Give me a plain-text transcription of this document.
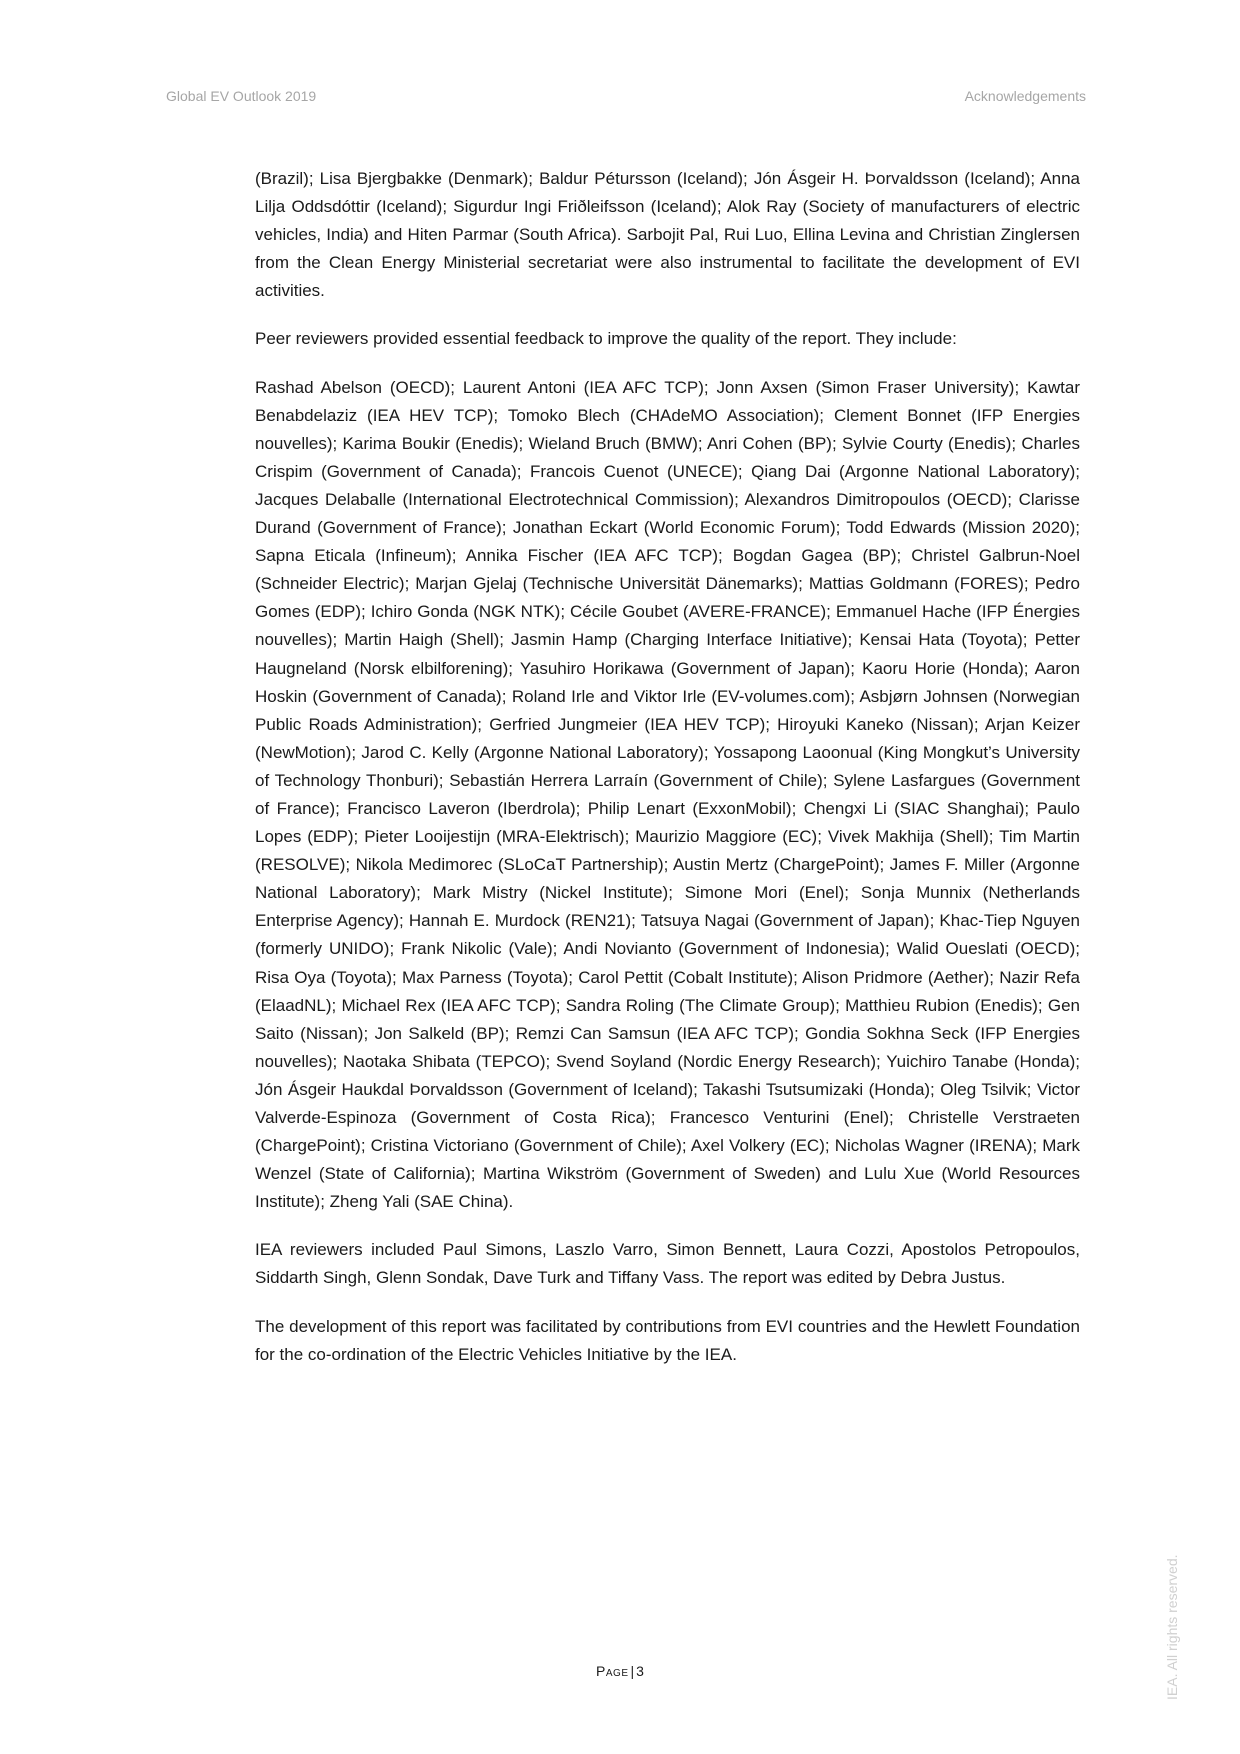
Global EV Outlook 2019	Acknowledgements

(Brazil); Lisa Bjergbakke (Denmark); Baldur Pétursson (Iceland); Jón Ásgeir H. Þorvaldsson (Iceland); Anna Lilja Oddsdóttir (Iceland); Sigurdur Ingi Friðleifsson (Iceland); Alok Ray (Society of manufacturers of electric vehicles, India) and Hiten Parmar (South Africa). Sarbojit Pal, Rui Luo, Ellina Levina and Christian Zinglersen from the Clean Energy Ministerial secretariat were also instrumental to facilitate the development of EVI activities.

Peer reviewers provided essential feedback to improve the quality of the report. They include:

Rashad Abelson (OECD); Laurent Antoni (IEA AFC TCP); Jonn Axsen (Simon Fraser University); Kawtar Benabdelaziz (IEA HEV TCP); Tomoko Blech (CHAdeMO Association); Clement Bonnet (IFP Energies nouvelles); Karima Boukir (Enedis); Wieland Bruch (BMW); Anri Cohen (BP); Sylvie Courty (Enedis); Charles Crispim (Government of Canada); Francois Cuenot (UNECE); Qiang Dai (Argonne National Laboratory); Jacques Delaballe (International Electrotechnical Commission); Alexandros Dimitropoulos (OECD); Clarisse Durand (Government of France); Jonathan Eckart (World Economic Forum); Todd Edwards (Mission 2020); Sapna Eticala (Infineum); Annika Fischer (IEA AFC TCP); Bogdan Gagea (BP); Christel Galbrun-Noel (Schneider Electric); Marjan Gjelaj (Technische Universität Dänemarks); Mattias Goldmann (FORES); Pedro Gomes (EDP); Ichiro Gonda (NGK NTK); Cécile Goubet (AVERE-FRANCE); Emmanuel Hache (IFP Énergies nouvelles); Martin Haigh (Shell); Jasmin Hamp (Charging Interface Initiative); Kensai Hata (Toyota); Petter Haugneland (Norsk elbilforening); Yasuhiro Horikawa (Government of Japan); Kaoru Horie (Honda); Aaron Hoskin (Government of Canada); Roland Irle and Viktor Irle (EV-volumes.com); Asbjørn Johnsen (Norwegian Public Roads Administration); Gerfried Jungmeier (IEA HEV TCP); Hiroyuki Kaneko (Nissan); Arjan Keizer (NewMotion); Jarod C. Kelly (Argonne National Laboratory); Yossapong Laoonual (King Mongkut’s University of Technology Thonburi); Sebastián Herrera Larraín (Government of Chile); Sylene Lasfargues (Government of France); Francisco Laveron (Iberdrola); Philip Lenart (ExxonMobil); Chengxi Li (SIAC Shanghai); Paulo Lopes (EDP); Pieter Looijestijn (MRA-Elektrisch); Maurizio Maggiore (EC); Vivek Makhija (Shell); Tim Martin (RESOLVE); Nikola Medimorec (SLoCaT Partnership); Austin Mertz (ChargePoint); James F. Miller (Argonne National Laboratory); Mark Mistry (Nickel Institute); Simone Mori (Enel); Sonja Munnix (Netherlands Enterprise Agency); Hannah E. Murdock (REN21); Tatsuya Nagai (Government of Japan); Khac-Tiep Nguyen (formerly UNIDO); Frank Nikolic (Vale); Andi Novianto (Government of Indonesia); Walid Oueslati (OECD); Risa Oya (Toyota); Max Parness (Toyota); Carol Pettit (Cobalt Institute); Alison Pridmore (Aether); Nazir Refa (ElaadNL); Michael Rex (IEA AFC TCP); Sandra Roling (The Climate Group); Matthieu Rubion (Enedis); Gen Saito (Nissan); Jon Salkeld (BP); Remzi Can Samsun (IEA AFC TCP); Gondia Sokhna Seck (IFP Energies nouvelles); Naotaka Shibata (TEPCO); Svend Soyland (Nordic Energy Research); Yuichiro Tanabe (Honda); Jón Ásgeir Haukdal Þorvaldsson (Government of Iceland); Takashi Tsutsumizaki (Honda); Oleg Tsilvik; Victor Valverde-Espinoza (Government of Costa Rica); Francesco Venturini (Enel); Christelle Verstraeten (ChargePoint); Cristina Victoriano (Government of Chile); Axel Volkery (EC); Nicholas Wagner (IRENA); Mark Wenzel (State of California); Martina Wikström (Government of Sweden) and Lulu Xue (World Resources Institute); Zheng Yali (SAE China).

IEA reviewers included Paul Simons, Laszlo Varro, Simon Bennett, Laura Cozzi, Apostolos Petropoulos, Siddarth Singh, Glenn Sondak, Dave Turk and Tiffany Vass. The report was edited by Debra Justus.

The development of this report was facilitated by contributions from EVI countries and the Hewlett Foundation for the co-ordination of the Electric Vehicles Initiative by the IEA.

Page | 3	IEA. All rights reserved.
